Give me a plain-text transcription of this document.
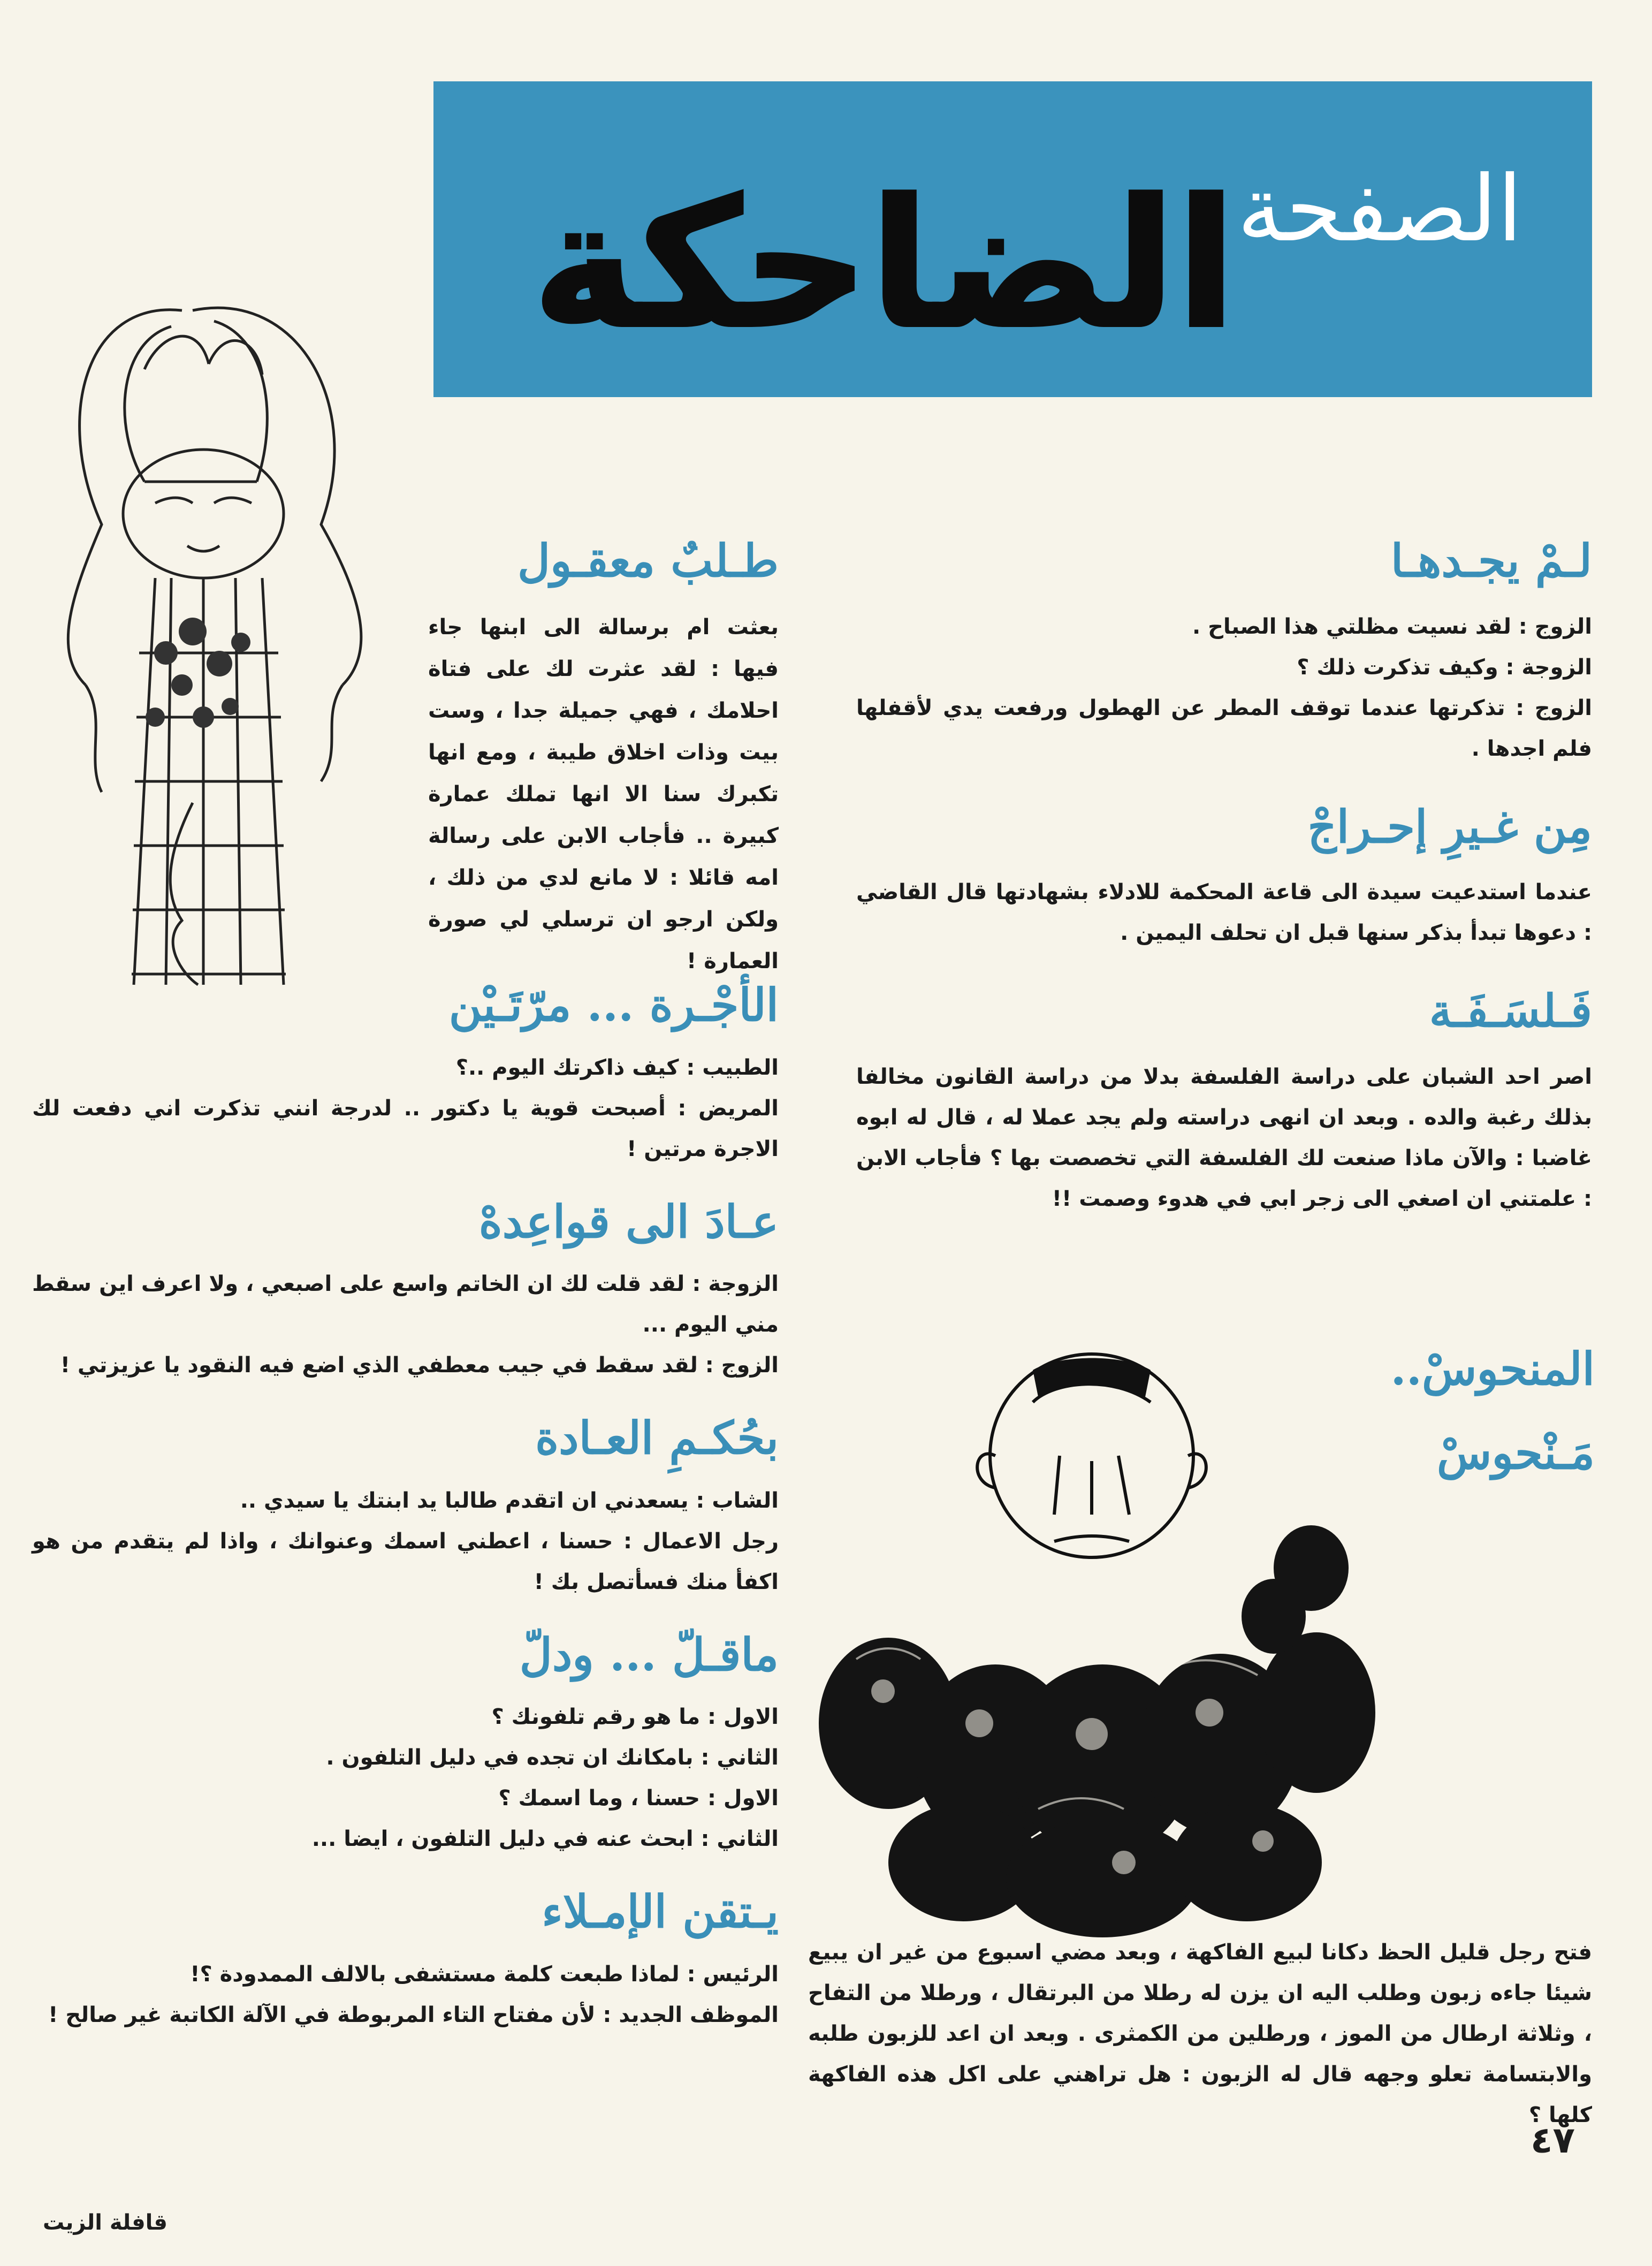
الصفحة
الضاحكة
لـمْ يجـدهـا

الزوج : لقد نسيت مظلتي هذا الصباح .
الزوجة : وكيف تذكرت ذلك ؟
الزوج : تذكرتها عندما توقف المطر عن الهطول ورفعت يدي لأقفلها فلم اجدها .

مِن غـيرِ إحـراجْ

عندما استدعيت سيدة الى قاعة المحكمة للادلاء بشهادتها قال القاضي : دعوها تبدأ بذكر سنها قبل ان تحلف اليمين .

فَـلسَـفَـة

اصر احد الشبان على دراسة الفلسفة بدلا من دراسة القانون مخالفا بذلك رغبة والده . وبعد ان انهى دراسته ولم يجد عملا له ، قال له ابوه غاضبا : والآن ماذا صنعت لك الفلسفة التي تخصصت بها ؟ فأجاب الابن : علمتني ان اصغي الى زجر ابي في هدوء وصمت !!

المنحوسْ..
مَـنْحوسْ

فتح رجل قليل الحظ دكانا لبيع الفاكهة ، وبعد مضي اسبوع من غير ان يبيع شيئا جاءه زبون وطلب اليه ان يزن له رطلا من البرتقال ، ورطلا من التفاح ، وثلاثة ارطال من الموز ، ورطلين من الكمثرى . وبعد ان اعد للزبون طلبه والابتسامة تعلو وجهه قال له الزبون : هل تراهني على اكل هذه الفاكهة كلها ؟

طـلبٌ معقـول

بعثت ام برسالة الى ابنها جاء فيها : لقد عثرت لك على فتاة احلامك ، فهي جميلة جدا ، وست بيت وذات اخلاق طيبة ، ومع انها تكبرك سنا الا انها تملك عمارة كبيرة .. فأجاب الابن على رسالة امه قائلا : لا مانع لدي من ذلك ، ولكن ارجو ان ترسلي لي صورة العمارة !

الأجْـرة ... مرّتَـيْن

الطبيب : كيف ذاكرتك اليوم ..؟
المريض : أصبحت قوية يا دكتور .. لدرجة انني تذكرت اني دفعت لك الاجرة مرتين !

عـادَ الى قواعِدهْ

الزوجة : لقد قلت لك ان الخاتم واسع على اصبعي ، ولا اعرف اين سقط مني اليوم ...
الزوج : لقد سقط في جيب معطفي الذي اضع فيه النقود يا عزيزتي !

بحُكـمِ العـادة

الشاب : يسعدني ان اتقدم طالبا يد ابنتك يا سيدي ..
رجل الاعمال : حسنا ، اعطني اسمك وعنوانك ، واذا لم يتقدم من هو اكفأ منك فسأتصل بك !

ماقـلّ ... ودلّ

الاول : ما هو رقم تلفونك ؟
الثاني : بامكانك ان تجده في دليل التلفون .
الاول : حسنا ، وما اسمك ؟
الثاني : ابحث عنه في دليل التلفون ، ايضا ...

يـتقن الإمـلاء

الرئيس : لماذا طبعت كلمة مستشفى بالالف الممدودة ؟!
الموظف الجديد : لأن مفتاح التاء المربوطة في الآلة الكاتبة غير صالح !

٤٧
قافلة الزيت
